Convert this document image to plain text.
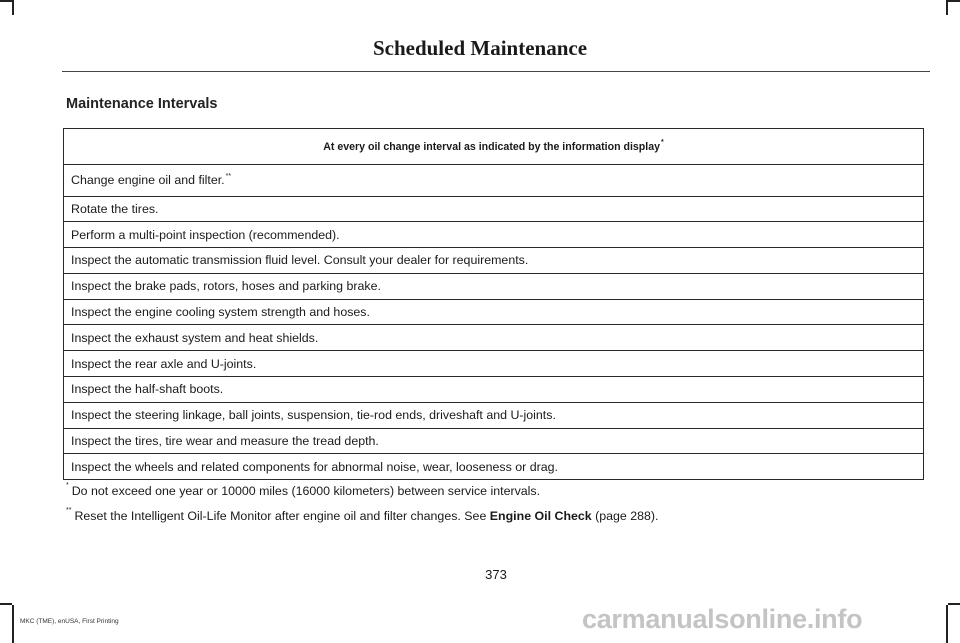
Scheduled Maintenance
Maintenance Intervals
At every oil change interval as indicated by the information display*
Change engine oil and filter.**
Rotate the tires.
Perform a multi-point inspection (recommended).
Inspect the automatic transmission fluid level. Consult your dealer for requirements.
Inspect the brake pads, rotors, hoses and parking brake.
Inspect the engine cooling system strength and hoses.
Inspect the exhaust system and heat shields.
Inspect the rear axle and U-joints.
Inspect the half-shaft boots.
Inspect the steering linkage, ball joints, suspension, tie-rod ends, driveshaft and U-joints.
Inspect the tires, tire wear and measure the tread depth.
Inspect the wheels and related components for abnormal noise, wear, looseness or drag.
* Do not exceed one year or 10000 miles (16000 kilometers) between service intervals.
** Reset the Intelligent Oil-Life Monitor after engine oil and filter changes. See Engine Oil Check (page 288).
373
MKC (TME), enUSA, First Printing	carmanualsonline.info
